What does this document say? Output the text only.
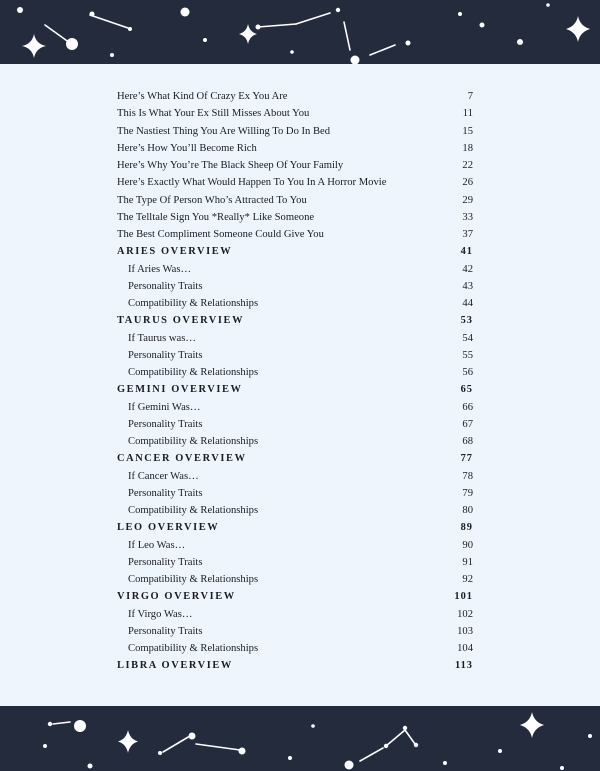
Here’s What Kind Of Crazy Ex You Are	7
This Is What Your Ex Still Misses About You	11
The Nastiest Thing You Are Willing To Do In Bed	15
Here’s How You’ll Become Rich	18
Here’s Why You’re The Black Sheep Of Your Family	22
Here’s Exactly What Would Happen To You In A Horror Movie	26
The Type Of Person Who’s Attracted To You	29
The Telltale Sign You *Really* Like Someone	33
The Best Compliment Someone Could Give You	37
ARIES OVERVIEW	41
If Aries Was…	42
Personality Traits	43
Compatibility & Relationships	44
TAURUS OVERVIEW	53
If Taurus was…	54
Personality Traits	55
Compatibility & Relationships	56
GEMINI OVERVIEW	65
If Gemini Was…	66
Personality Traits	67
Compatibility & Relationships	68
CANCER OVERVIEW	77
If Cancer Was…	78
Personality Traits	79
Compatibility & Relationships	80
LEO OVERVIEW	89
If Leo Was…	90
Personality Traits	91
Compatibility & Relationships	92
VIRGO OVERVIEW	101
If Virgo Was…	102
Personality Traits	103
Compatibility & Relationships	104
LIBRA OVERVIEW	113
